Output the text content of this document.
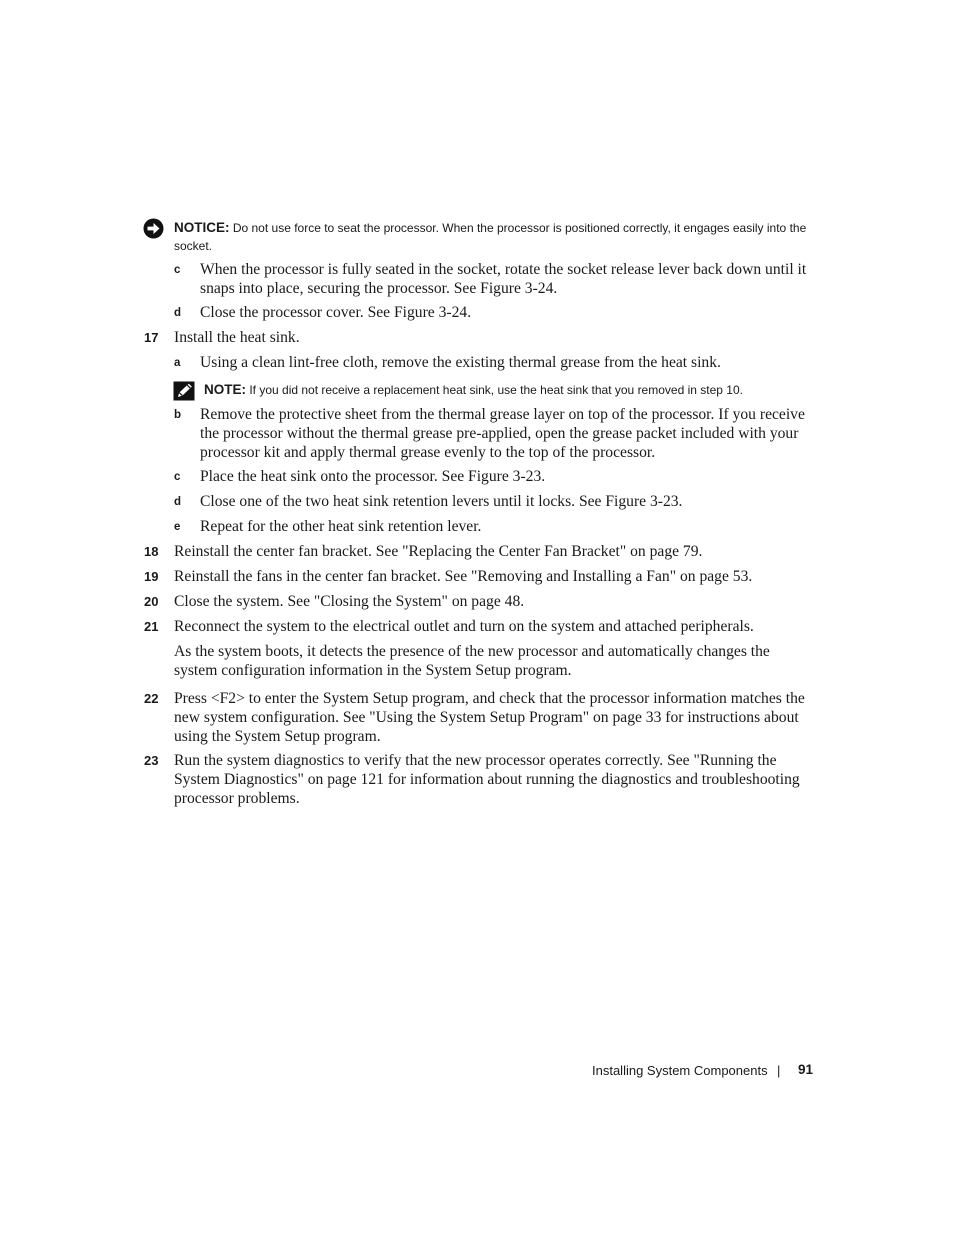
NOTICE: Do not use force to seat the processor. When the processor is positioned correctly, it engages easily into the socket.
c When the processor is fully seated in the socket, rotate the socket release lever back down until it snaps into place, securing the processor. See Figure 3-24.
d Close the processor cover. See Figure 3-24.
17 Install the heat sink.
a Using a clean lint-free cloth, remove the existing thermal grease from the heat sink.
NOTE: If you did not receive a replacement heat sink, use the heat sink that you removed in step 10.
b Remove the protective sheet from the thermal grease layer on top of the processor. If you receive the processor without the thermal grease pre-applied, open the grease packet included with your processor kit and apply thermal grease evenly to the top of the processor.
c Place the heat sink onto the processor. See Figure 3-23.
d Close one of the two heat sink retention levers until it locks. See Figure 3-23.
e Repeat for the other heat sink retention lever.
18 Reinstall the center fan bracket. See "Replacing the Center Fan Bracket" on page 79.
19 Reinstall the fans in the center fan bracket. See "Removing and Installing a Fan" on page 53.
20 Close the system. See "Closing the System" on page 48.
21 Reconnect the system to the electrical outlet and turn on the system and attached peripherals.
As the system boots, it detects the presence of the new processor and automatically changes the system configuration information in the System Setup program.
22 Press <F2> to enter the System Setup program, and check that the processor information matches the new system configuration. See "Using the System Setup Program" on page 33 for instructions about using the System Setup program.
23 Run the system diagnostics to verify that the new processor operates correctly. See "Running the System Diagnostics" on page 121 for information about running the diagnostics and troubleshooting processor problems.
Installing System Components | 91
